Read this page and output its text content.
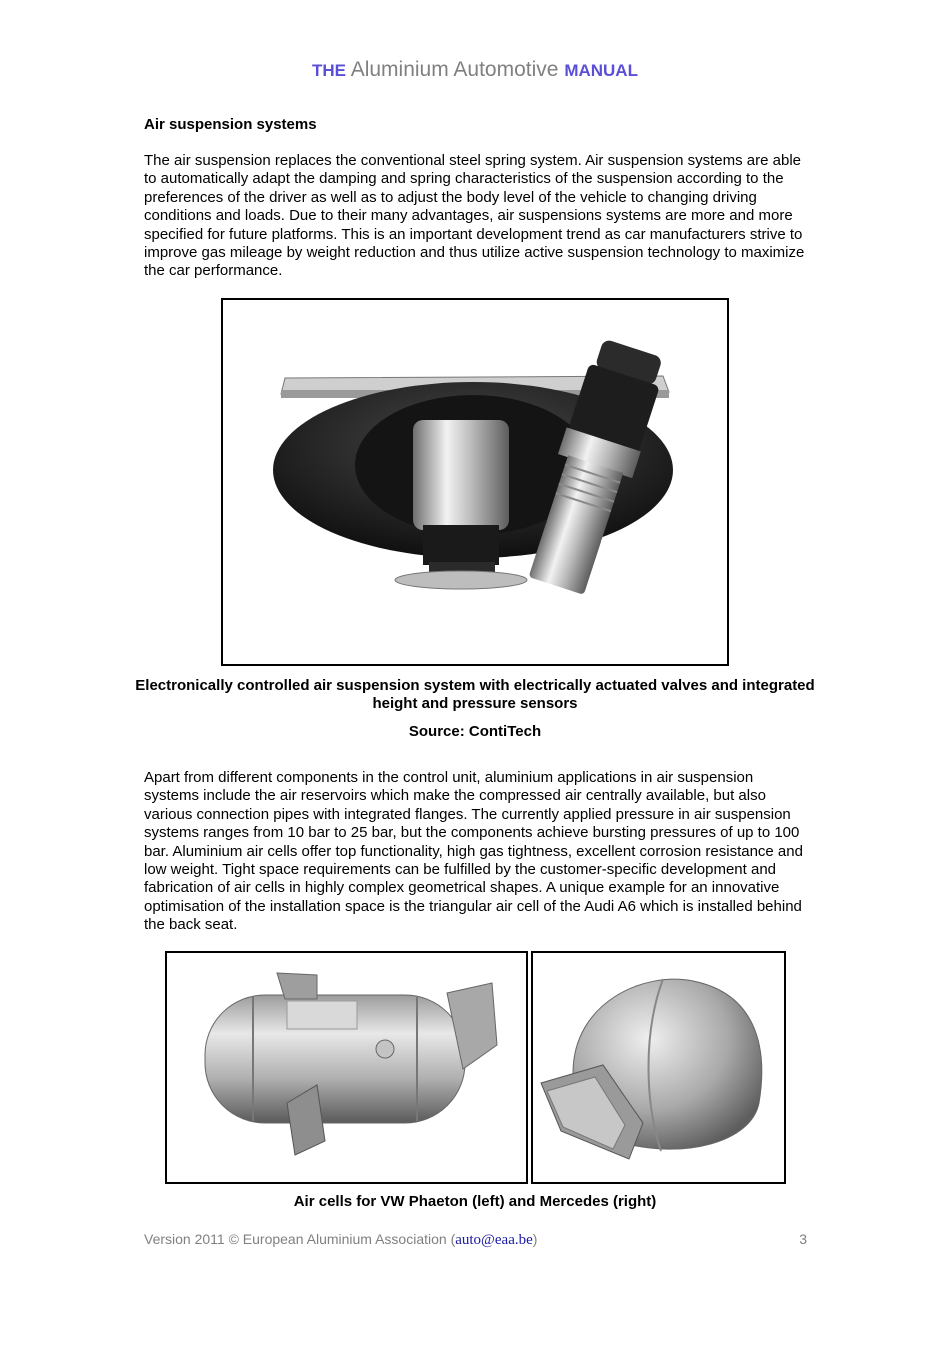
THE Aluminium Automotive MANUAL
Air suspension systems
The air suspension replaces the conventional steel spring system. Air suspension systems are able to automatically adapt the damping and spring characteristics of the suspension according to the preferences of the driver as well as to adjust the body level of the vehicle to changing driving conditions and loads. Due to their many advantages, air suspensions systems are more and more specified for future platforms. This is an important development trend as car manufacturers strive to improve gas mileage by weight reduction and thus utilize active suspension technology to maximize the car performance.
Electronically controlled air suspension system with electrically actuated valves and integrated height and pressure sensors
Source: ContiTech
Apart from different components in the control unit, aluminium applications in air suspension systems include the air reservoirs which make the compressed air centrally available, but also various connection pipes with integrated flanges. The currently applied pressure in air suspension systems ranges from 10 bar to 25 bar, but the components achieve bursting pressures of up to 100 bar. Aluminium air cells offer top functionality, high gas tightness, excellent corrosion resistance and low weight. Tight space requirements can be fulfilled by the customer-specific development and fabrication of air cells in highly complex geometrical shapes. A unique example for an innovative optimisation of the installation space is the triangular air cell of the Audi A6 which is installed behind the back seat.
Air cells for VW Phaeton (left) and Mercedes (right)
Version 2011 © European Aluminium Association (auto@eaa.be)	3
